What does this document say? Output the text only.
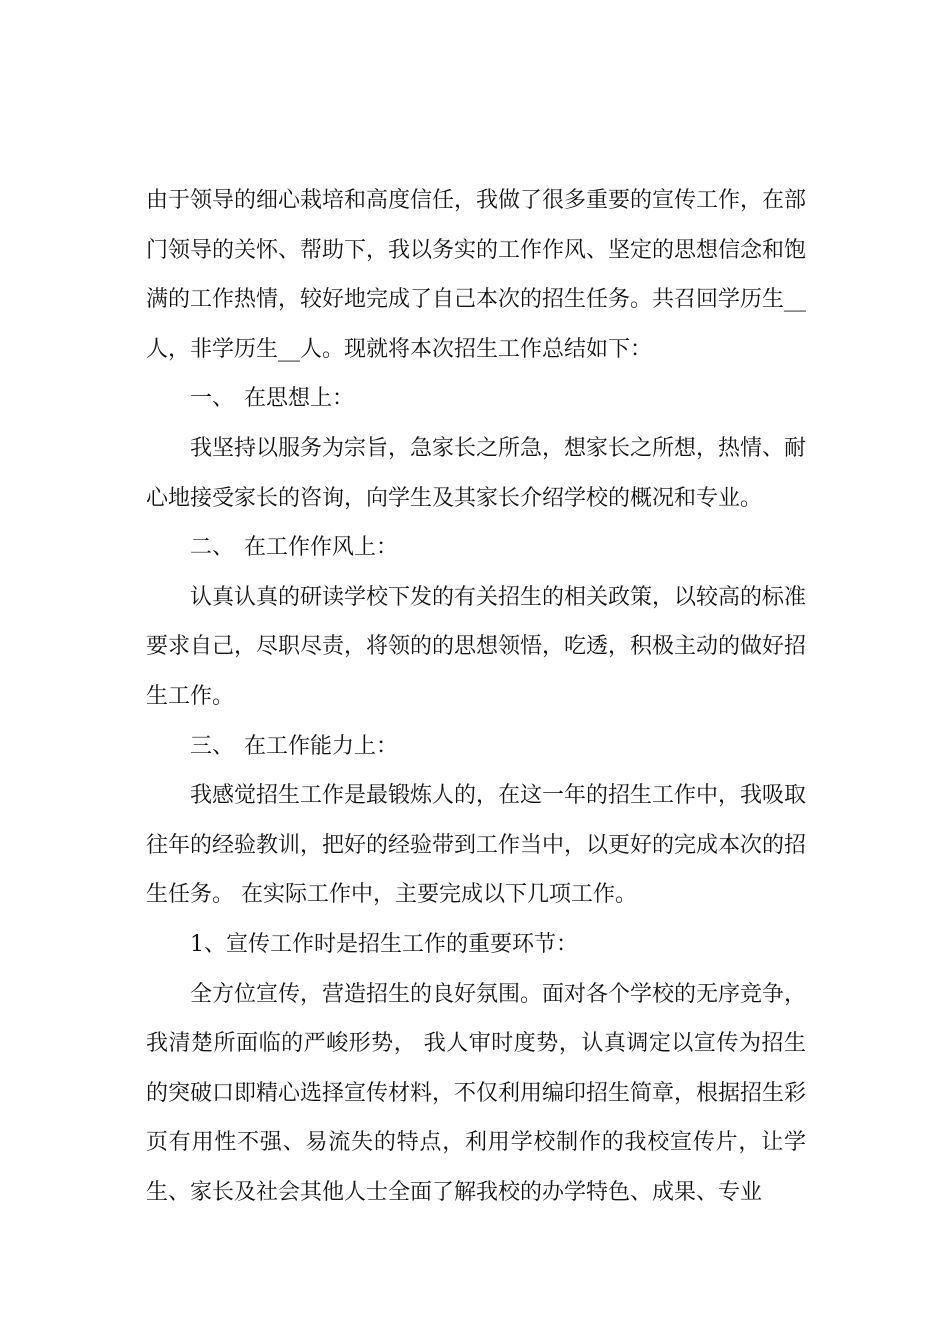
由于领导的细心栽培和高度信任，我做了很多重要的宣传工作，在部门领导的关怀、帮助下，我以务实的工作作风、坚定的思想信念和饱满的工作热情，较好地完成了自己本次的招生任务。共召回学历生__人，非学历生__人。现就将本次招生工作总结如下：

一、 在思想上：

我坚持以服务为宗旨，急家长之所急，想家长之所想，热情、耐心地接受家长的咨询，向学生及其家长介绍学校的概况和专业。

二、 在工作作风上：

认真认真的研读学校下发的有关招生的相关政策，以较高的标准要求自己，尽职尽责，将领的的思想领悟，吃透，积极主动的做好招生工作。

三、 在工作能力上：

我感觉招生工作是最锻炼人的，在这一年的招生工作中，我吸取往年的经验教训，把好的经验带到工作当中，以更好的完成本次的招生任务。 在实际工作中，主要完成以下几项工作。

1、宣传工作时是招生工作的重要环节：

全方位宣传，营造招生的良好氛围。面对各个学校的无序竞争，我清楚所面临的严峻形势， 我人审时度势，认真调定以宣传为招生的突破口即精心选择宣传材料，不仅利用编印招生简章，根据招生彩页有用性不强、易流失的特点，利用学校制作的我校宣传片，让学生、家长及社会其他人士全面了解我校的办学特色、成果、专业
